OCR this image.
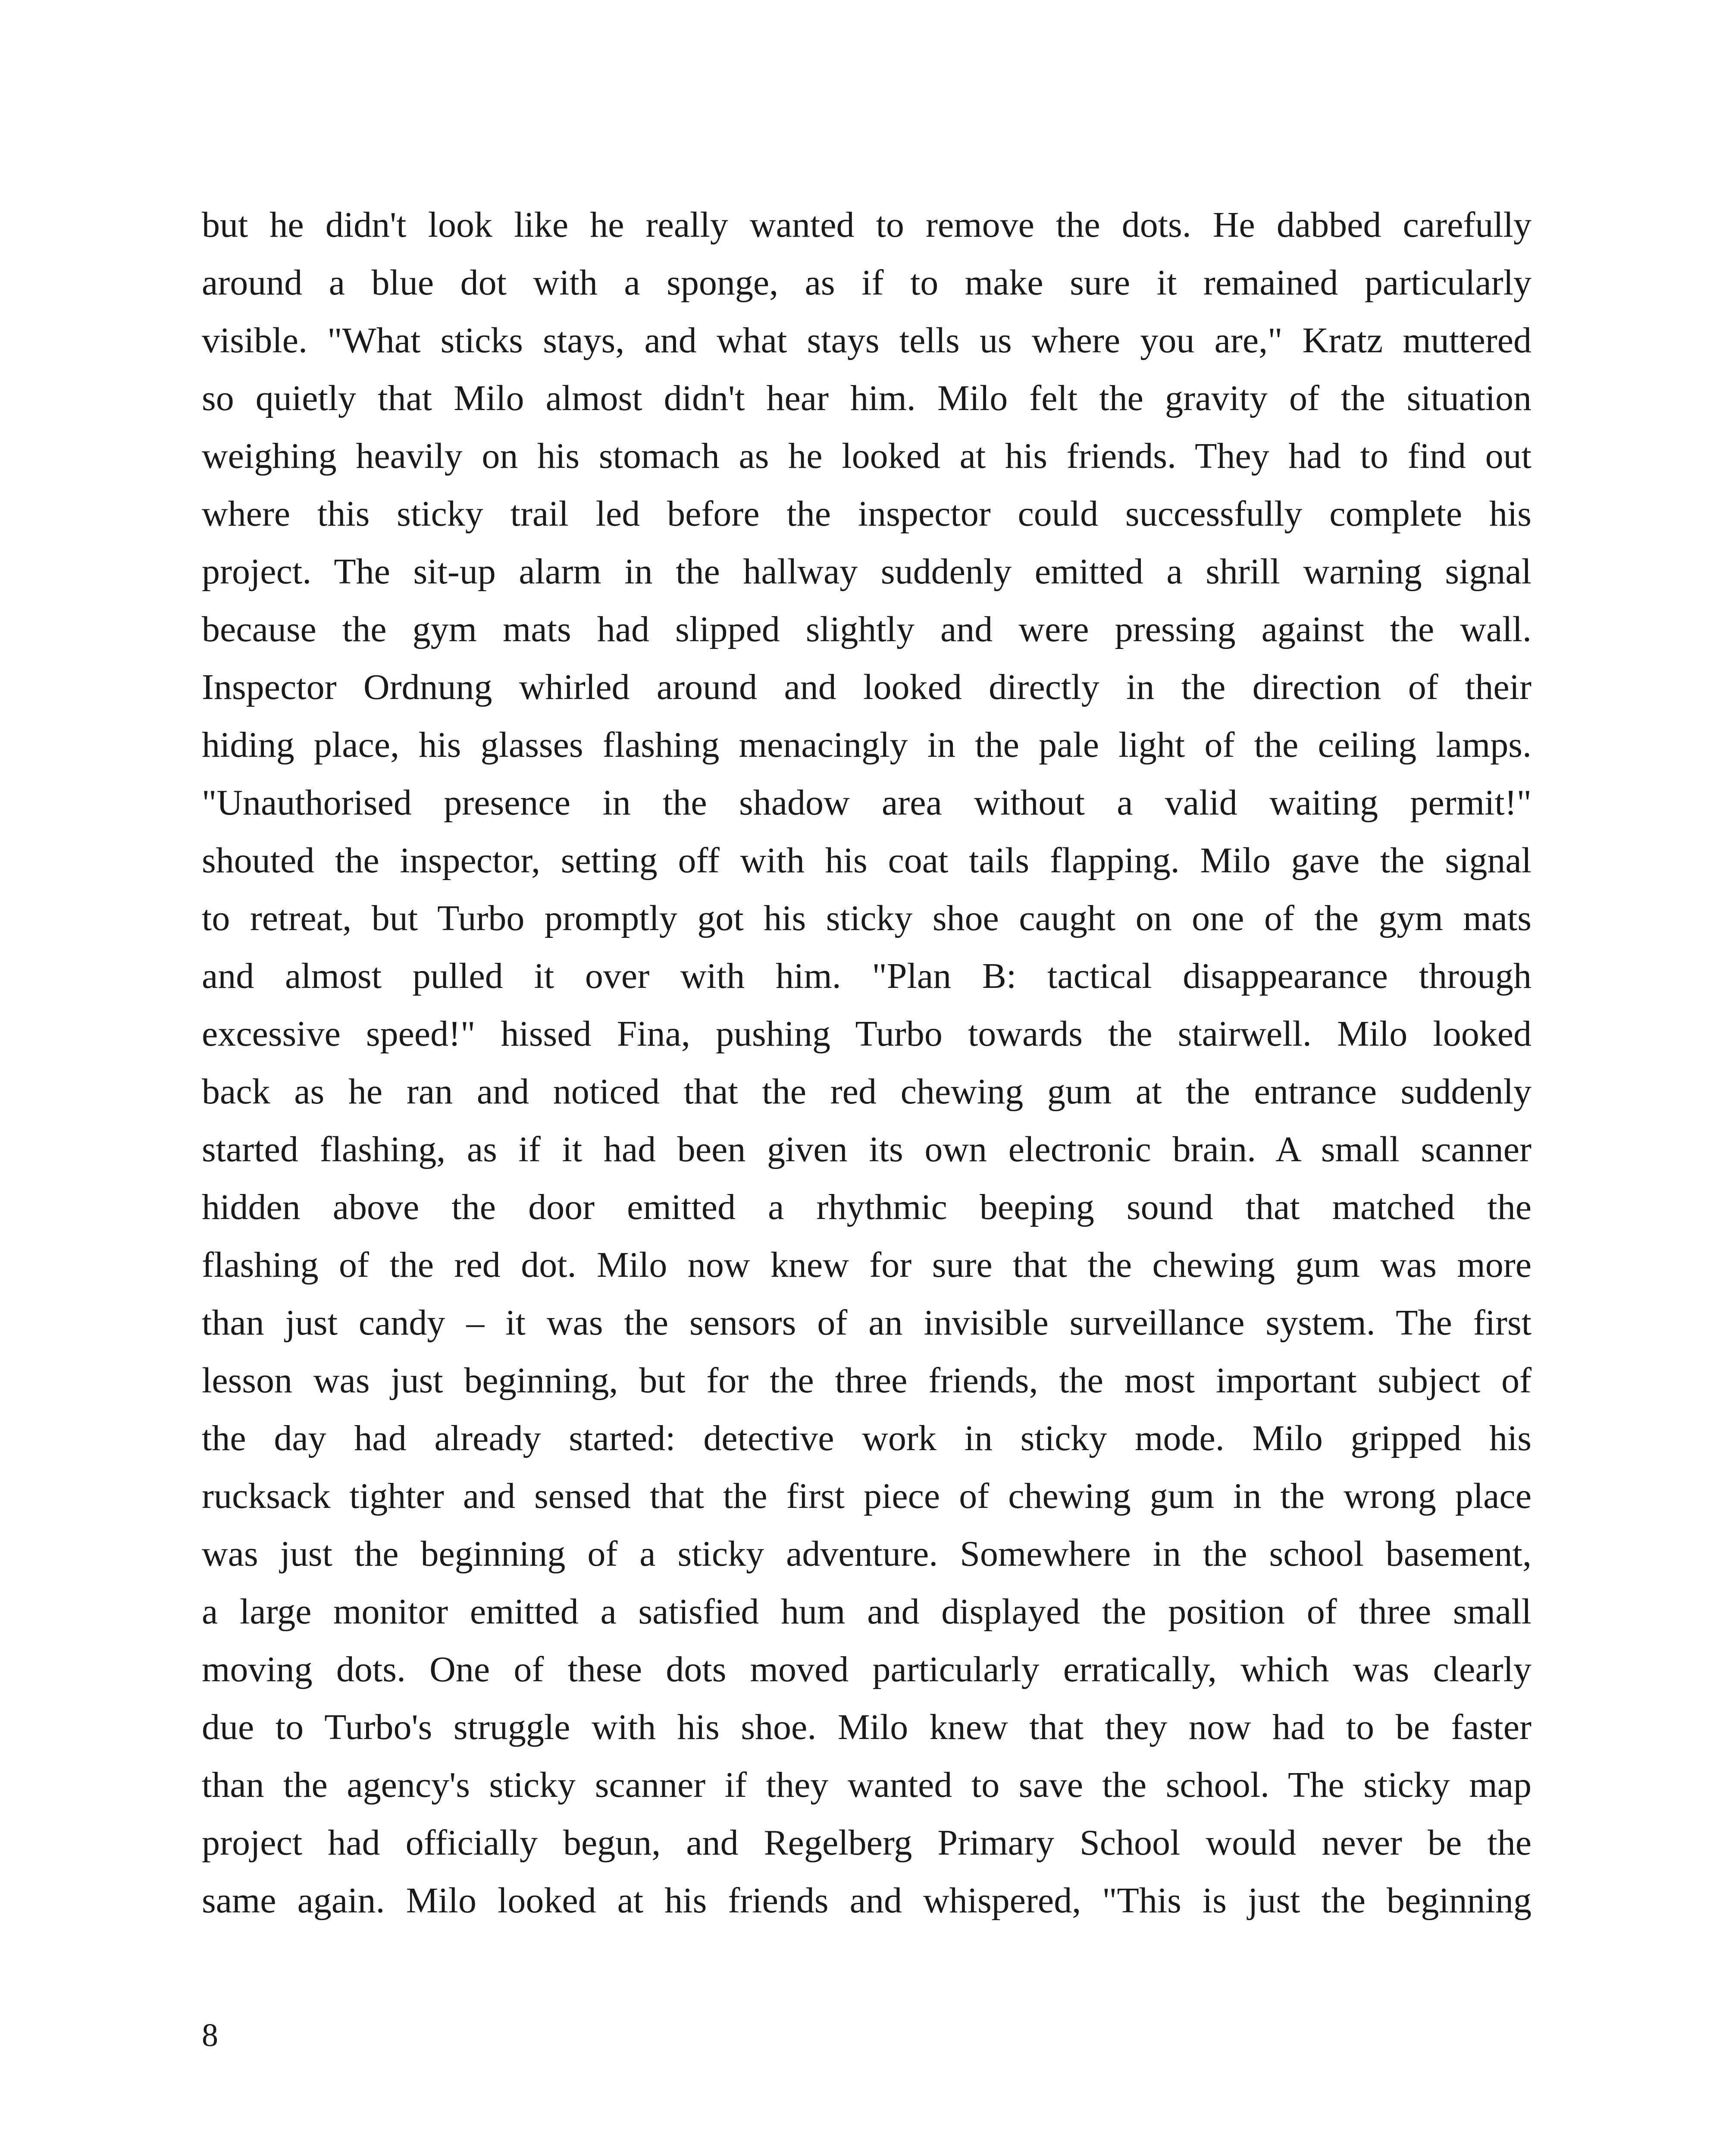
but he didn't look like he really wanted to remove the dots. He dabbed carefully
around a blue dot with a sponge, as if to make sure it remained particularly
visible. "What sticks stays, and what stays tells us where you are," Kratz muttered
so quietly that Milo almost didn't hear him. Milo felt the gravity of the situation
weighing heavily on his stomach as he looked at his friends. They had to find out
where this sticky trail led before the inspector could successfully complete his
project. The sit-up alarm in the hallway suddenly emitted a shrill warning signal
because the gym mats had slipped slightly and were pressing against the wall.
Inspector Ordnung whirled around and looked directly in the direction of their
hiding place, his glasses flashing menacingly in the pale light of the ceiling lamps.
"Unauthorised presence in the shadow area without a valid waiting permit!"
shouted the inspector, setting off with his coat tails flapping. Milo gave the signal
to retreat, but Turbo promptly got his sticky shoe caught on one of the gym mats
and almost pulled it over with him. "Plan B: tactical disappearance through
excessive speed!" hissed Fina, pushing Turbo towards the stairwell. Milo looked
back as he ran and noticed that the red chewing gum at the entrance suddenly
started flashing, as if it had been given its own electronic brain. A small scanner
hidden above the door emitted a rhythmic beeping sound that matched the
flashing of the red dot. Milo now knew for sure that the chewing gum was more
than just candy – it was the sensors of an invisible surveillance system. The first
lesson was just beginning, but for the three friends, the most important subject of
the day had already started: detective work in sticky mode. Milo gripped his
rucksack tighter and sensed that the first piece of chewing gum in the wrong place
was just the beginning of a sticky adventure. Somewhere in the school basement,
a large monitor emitted a satisfied hum and displayed the position of three small
moving dots. One of these dots moved particularly erratically, which was clearly
due to Turbo's struggle with his shoe. Milo knew that they now had to be faster
than the agency's sticky scanner if they wanted to save the school. The sticky map
project had officially begun, and Regelberg Primary School would never be the
same again. Milo looked at his friends and whispered, "This is just the beginning
8
